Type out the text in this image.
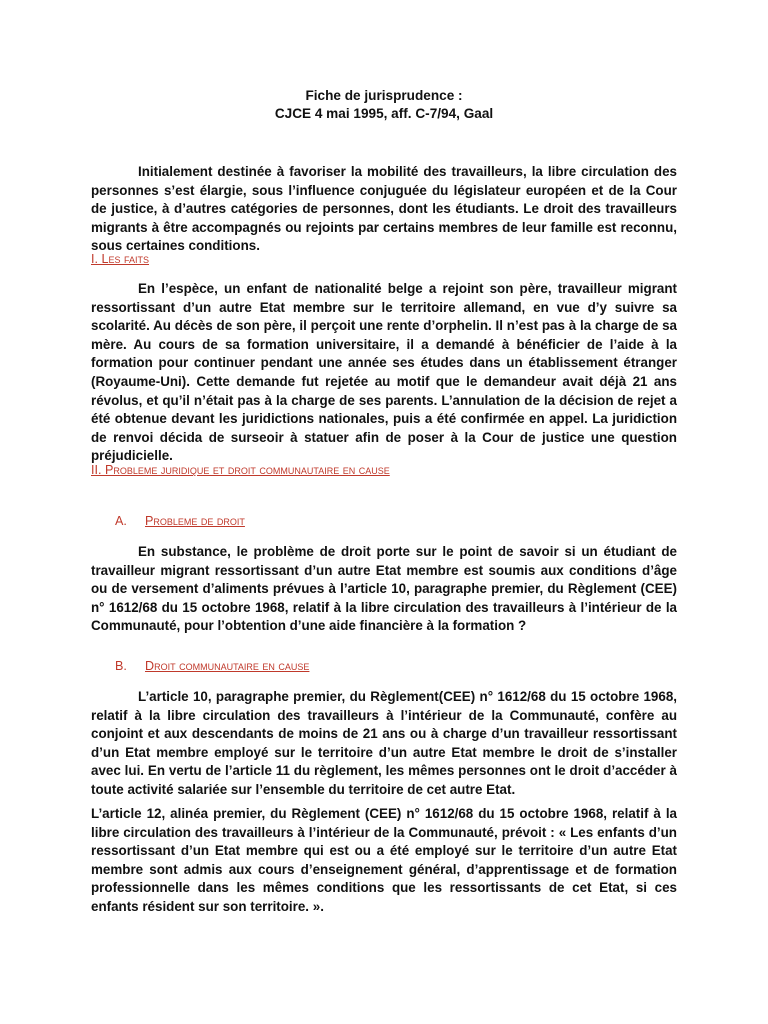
Fiche de jurisprudence :
CJCE 4 mai 1995, aff. C-7/94, Gaal

Initialement destinée à favoriser la mobilité des travailleurs, la libre circulation des personnes s’est élargie, sous l’influence conjuguée du législateur européen et de la Cour de justice, à d’autres catégories de personnes, dont les étudiants. Le droit des travailleurs migrants à être accompagnés ou rejoints par certains membres de leur famille est reconnu, sous certaines conditions.

I. Les faits

En l’espèce, un enfant de nationalité belge a rejoint son père, travailleur migrant ressortissant d’un autre Etat membre sur le territoire allemand, en vue d’y suivre sa scolarité. Au décès de son père, il perçoit une rente d’orphelin. Il n’est pas à la charge de sa mère. Au cours de sa formation universitaire, il a demandé à bénéficier de l’aide à la formation pour continuer pendant une année ses études dans un établissement étranger (Royaume-Uni). Cette demande fut rejetée au motif que le demandeur avait déjà 21 ans révolus, et qu’il n’était pas à la charge de ses parents. L’annulation de la décision de rejet a été obtenue devant les juridictions nationales, puis a été confirmée en appel. La juridiction de renvoi décida de surseoir à statuer afin de poser à la Cour de justice une question préjudicielle.

II. Probleme juridique et droit communautaire en cause
A. Probleme de droit

En substance, le problème de droit porte sur le point de savoir si un étudiant de travailleur migrant ressortissant d’un autre Etat membre est soumis aux conditions d’âge ou de versement d’aliments prévues à l’article 10, paragraphe premier, du Règlement (CEE) n° 1612/68 du 15 octobre 1968, relatif à la libre circulation des travailleurs à l’intérieur de la Communauté, pour l’obtention d’une aide financière à la formation ?

B. Droit communautaire en cause

L’article 10, paragraphe premier, du Règlement(CEE) n° 1612/68 du 15 octobre 1968, relatif à la libre circulation des travailleurs à l’intérieur de la Communauté, confère au conjoint et aux descendants de moins de 21 ans ou à charge d’un travailleur ressortissant d’un Etat membre employé sur le territoire d’un autre Etat membre le droit de s’installer avec lui. En vertu de l’article 11 du règlement, les mêmes personnes ont le droit d’accéder à toute activité salariée sur l’ensemble du territoire de cet autre Etat.

L’article 12, alinéa premier, du Règlement (CEE) n° 1612/68 du 15 octobre 1968, relatif à la libre circulation des travailleurs à l’intérieur de la Communauté, prévoit : « Les enfants d’un ressortissant d’un Etat membre qui est ou a été employé sur le territoire d’un autre Etat membre sont admis aux cours d’enseignement général, d’apprentissage et de formation professionnelle dans les mêmes conditions que les ressortissants de cet Etat, si ces enfants résident sur son territoire. ».
